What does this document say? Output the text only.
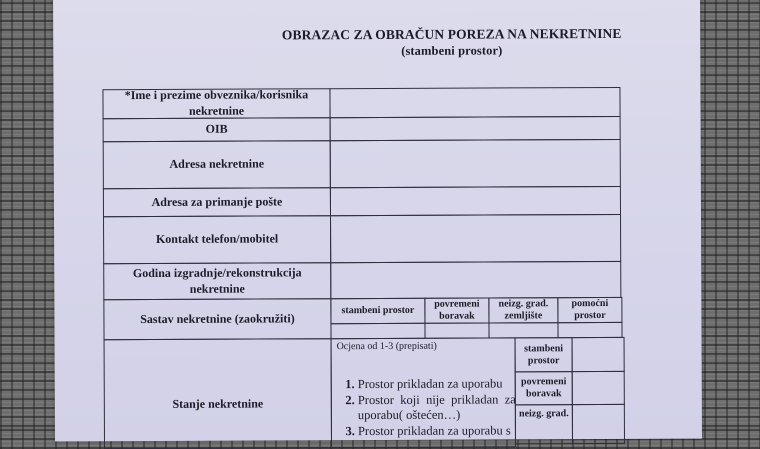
OBRAZAC ZA OBRAČUN POREZA NA NEKRETNINE
(stambeni prostor)
*Ime i prezime obveznika/korisnika nekretnine
OIB
Adresa nekretnine
Adresa za primanje pošte
Kontakt telefon/mobitel
Godina izgradnje/rekonstrukcija nekretnine
Sastav nekretnine (zaokružiti)
stambeni prostor
povremeni boravak
neizg. grad. zemljište
pomoćni prostor
Stanje nekretnine
Ocjena od 1-3 (prepisati)
1. Prostor prikladan za uporabu
2. Prostor koji nije prikladan za uporabu( oštećen…)
3. Prostor prikladan za uporabu s
stambeni prostor
povremeni boravak
neizg. grad.
